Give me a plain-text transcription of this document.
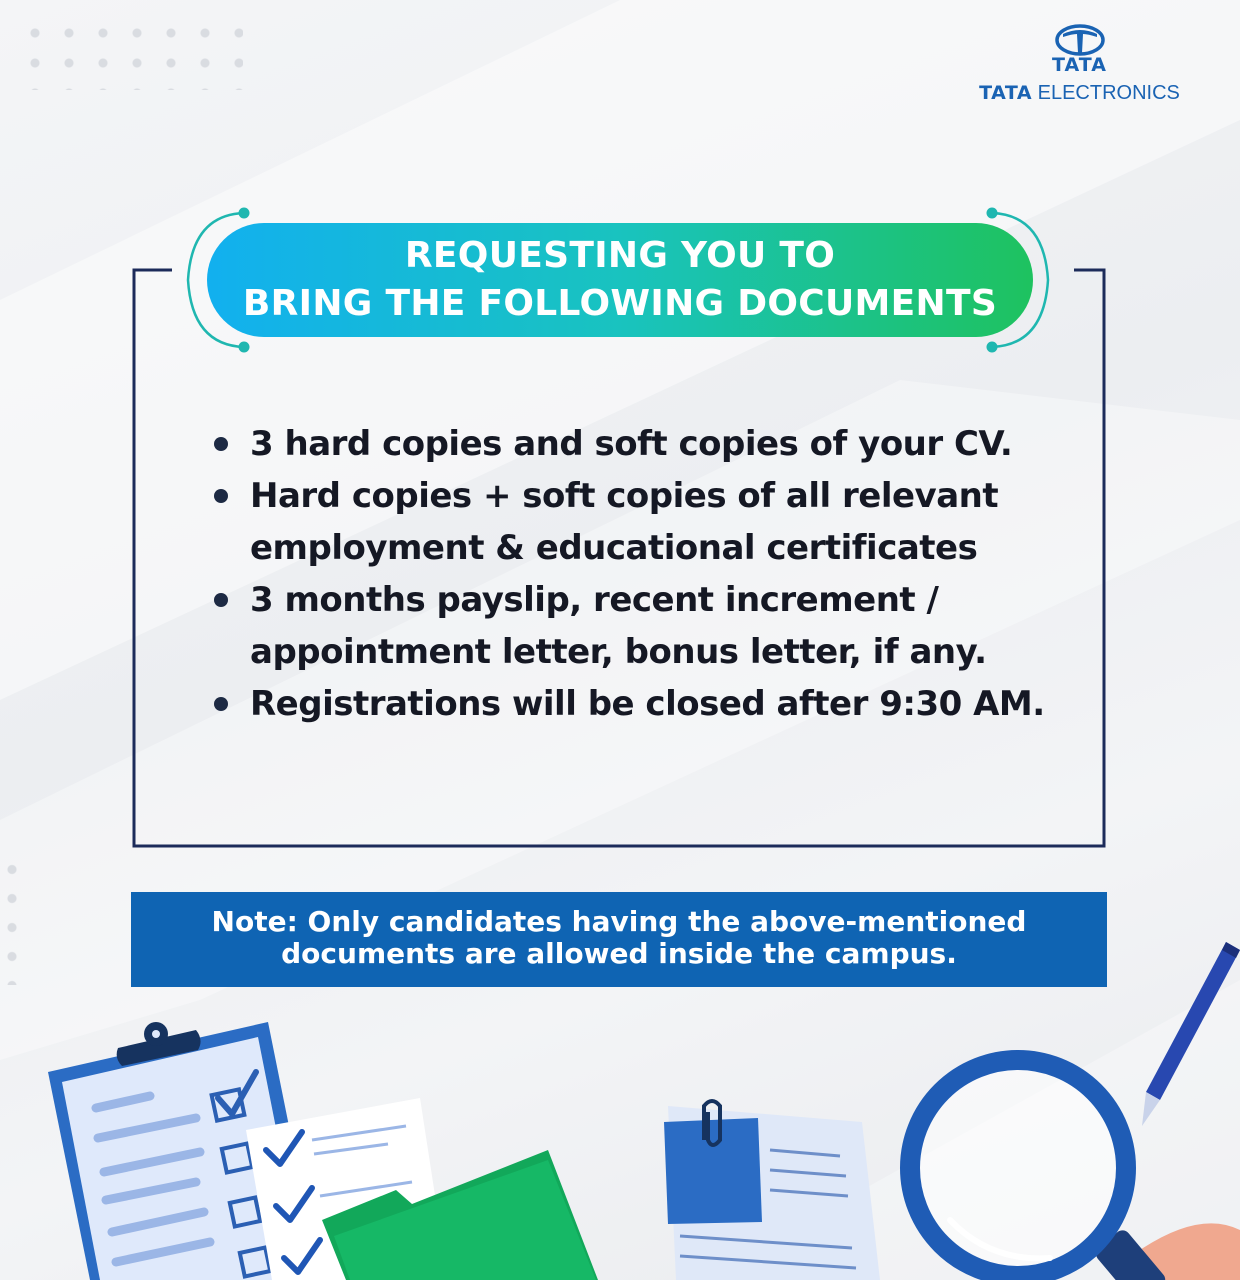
TATA
TATA ELECTRONICS
REQUESTING YOU TO
BRING THE FOLLOWING DOCUMENTS
3 hard copies and soft copies of your CV.
Hard copies + soft copies of all relevant
employment & educational certificates
3 months payslip, recent increment /
appointment letter, bonus letter, if any.
Registrations will be closed after 9:30 AM.
Note: Only candidates having the above-mentioned
documents are allowed inside the campus.
